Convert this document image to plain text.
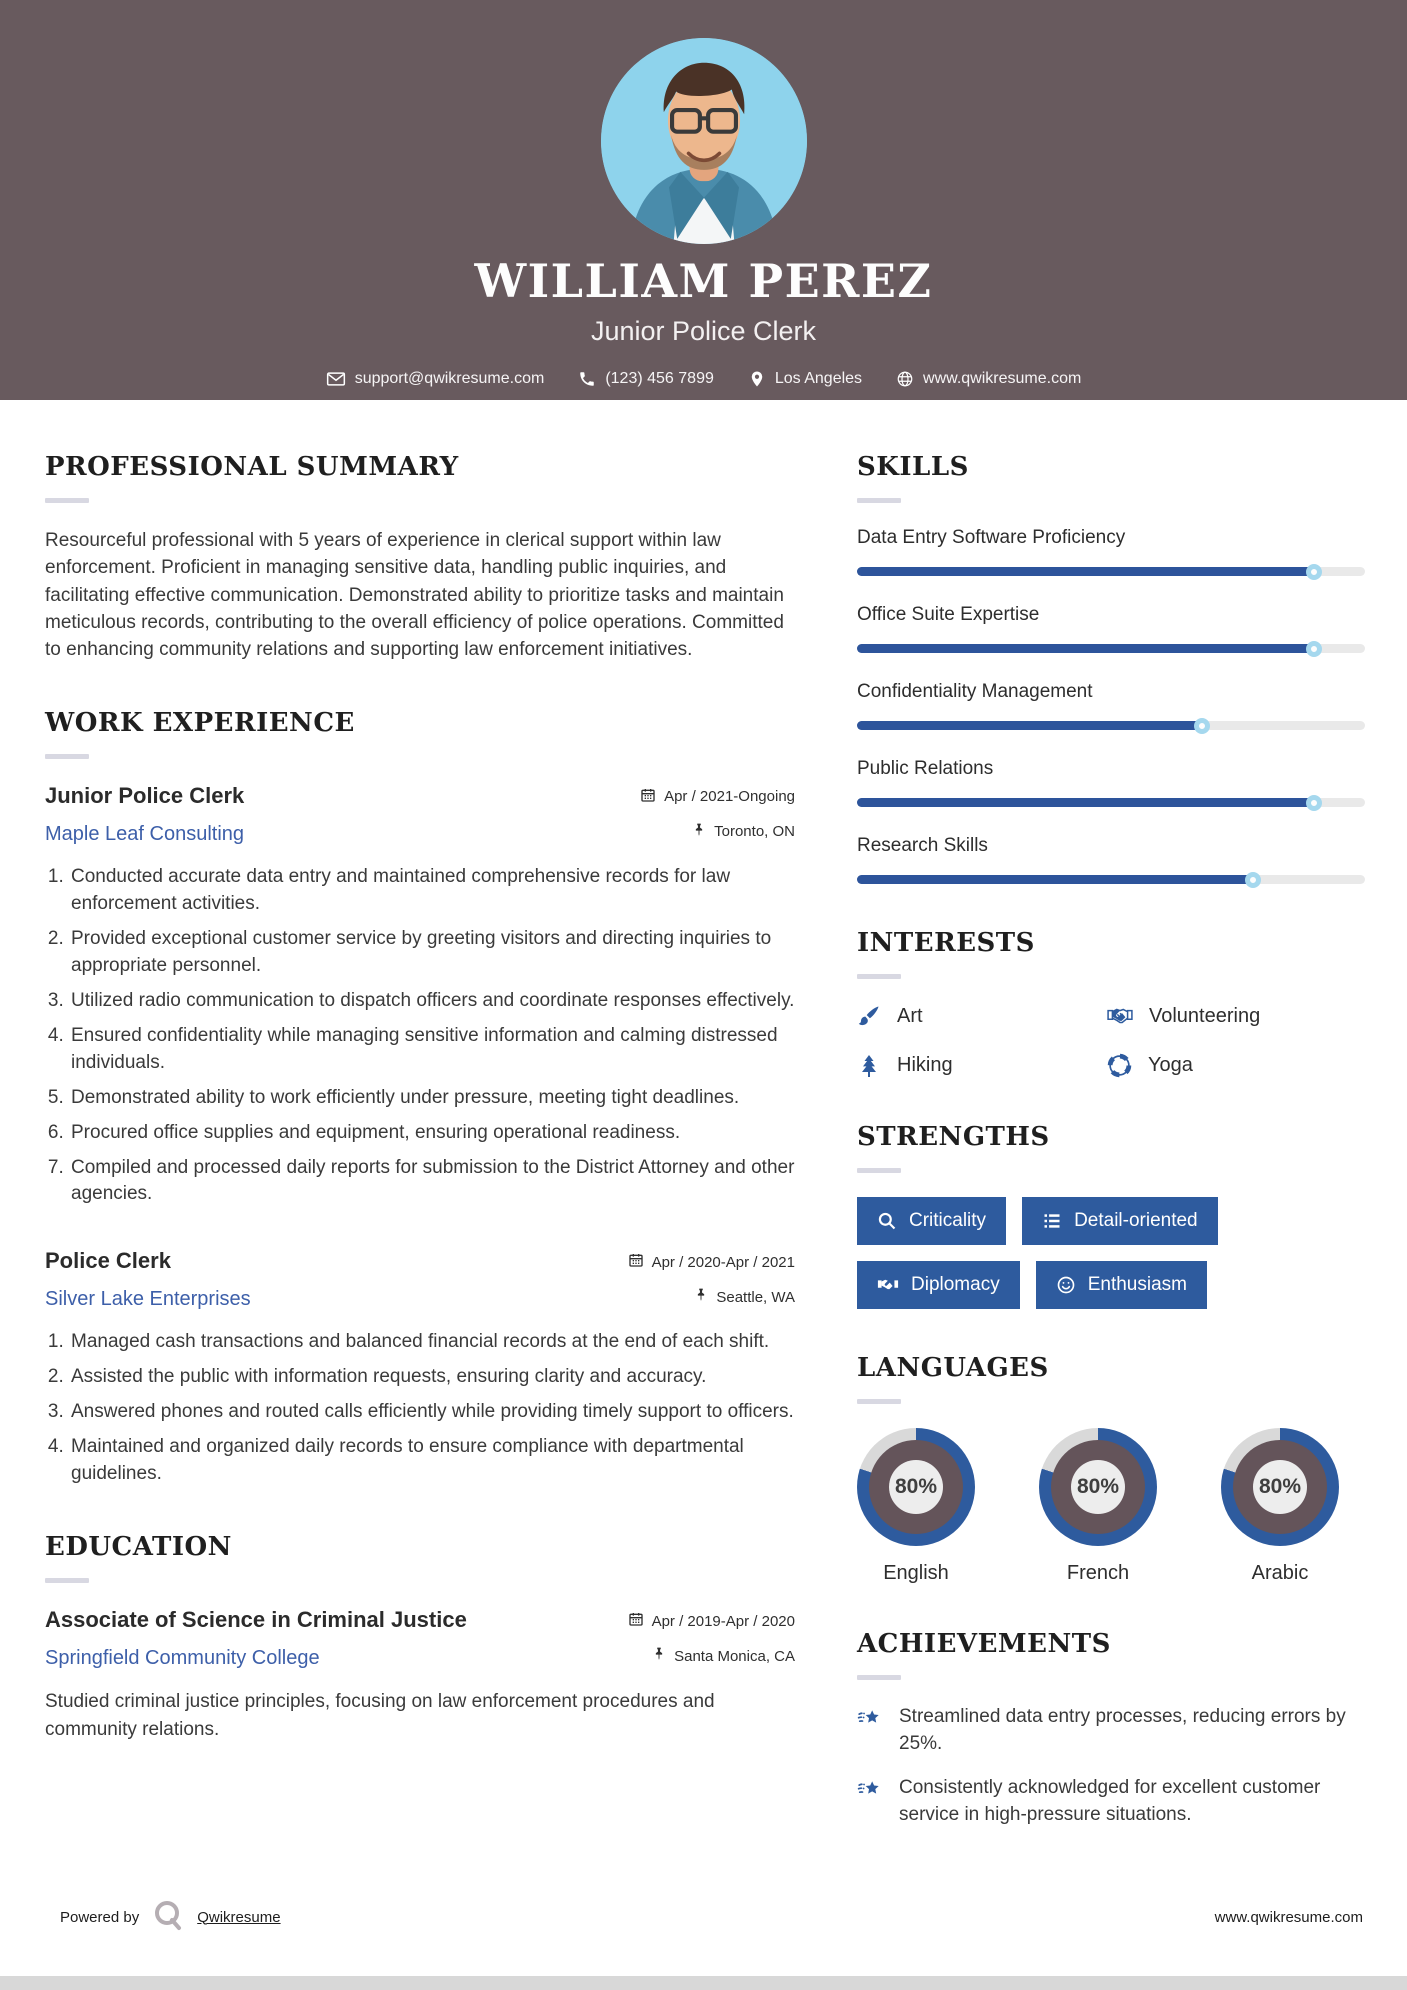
WILLIAM PEREZ
Junior Police Clerk
support@qwikresume.com	(123) 456 7899	Los Angeles	www.qwikresume.com
PROFESSIONAL SUMMARY

Resourceful professional with 5 years of experience in clerical support within law enforcement. Proficient in managing sensitive data, handling public inquiries, and facilitating effective communication. Demonstrated ability to prioritize tasks and maintain meticulous records, contributing to the overall efficiency of police operations. Committed to enhancing community relations and supporting law enforcement initiatives.

WORK EXPERIENCE
Junior Police Clerk
Maple Leaf Consulting
Apr / 2021-Ongoing
Toronto, ON
1. Conducted accurate data entry and maintained comprehensive records for law enforcement activities.
2. Provided exceptional customer service by greeting visitors and directing inquiries to appropriate personnel.
3. Utilized radio communication to dispatch officers and coordinate responses effectively.
4. Ensured confidentiality while managing sensitive information and calming distressed individuals.
5. Demonstrated ability to work efficiently under pressure, meeting tight deadlines.
6. Procured office supplies and equipment, ensuring operational readiness.
7. Compiled and processed daily reports for submission to the District Attorney and other agencies.
Police Clerk
Silver Lake Enterprises
Apr / 2020-Apr / 2021
Seattle, WA
1. Managed cash transactions and balanced financial records at the end of each shift.
2. Assisted the public with information requests, ensuring clarity and accuracy.
3. Answered phones and routed calls efficiently while providing timely support to officers.
4. Maintained and organized daily records to ensure compliance with departmental guidelines.
EDUCATION
Associate of Science in Criminal Justice
Springfield Community College
Apr / 2019-Apr / 2020
Santa Monica, CA

Studied criminal justice principles, focusing on law enforcement procedures and community relations.

SKILLS
Data Entry Software Proficiency
Office Suite Expertise
Confidentiality Management
Public Relations
Research Skills
INTERESTS
Art	Volunteering
Hiking	Yoga
STRENGTHS
Criticality	Detail-oriented
Diplomacy	Enthusiasm
LANGUAGES
80%
English
80%
French
80%
Arabic
ACHIEVEMENTS

Streamlined data entry processes, reducing errors by 25%.

Consistently acknowledged for excellent customer service in high-pressure situations.

Powered by	Qwikresume	www.qwikresume.com
